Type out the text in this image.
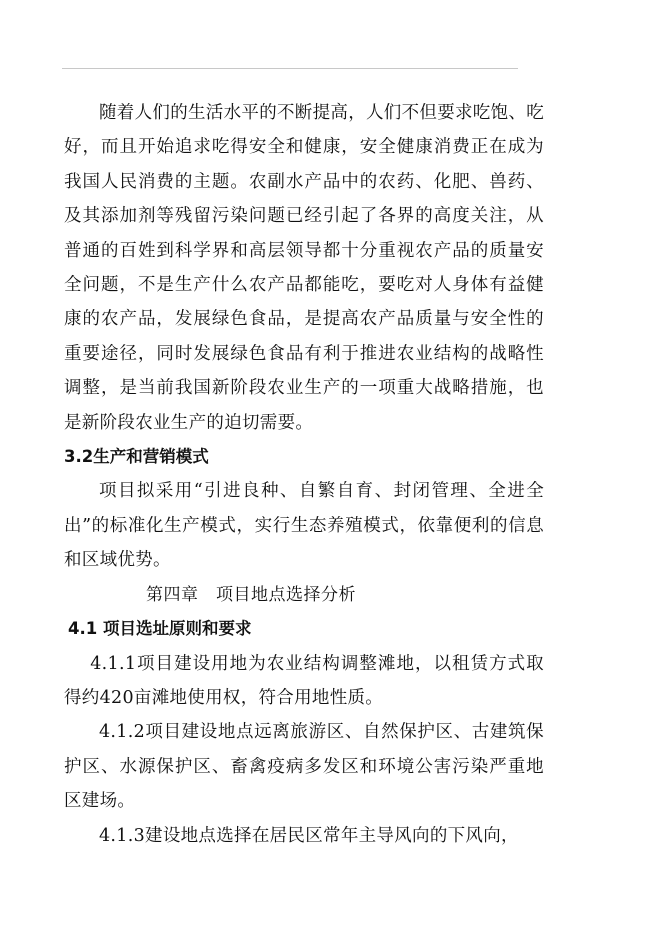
随着人们的生活水平的不断提高，人们不但要求吃饱、吃好，而且开始追求吃得安全和健康，安全健康消费正在成为我国人民消费的主题。农副水产品中的农药、化肥、兽药、及其添加剂等残留污染问题已经引起了各界的高度关注，从普通的百姓到科学界和高层领导都十分重视农产品的质量安全问题，不是生产什么农产品都能吃，要吃对人身体有益健康的农产品，发展绿色食品，是提高农产品质量与安全性的重要途径，同时发展绿色食品有利于推进农业结构的战略性调整，是当前我国新阶段农业生产的一项重大战略措施，也是新阶段农业生产的迫切需要。

3.2生产和营销模式

项目拟采用“引进良种、自繁自育、封闭管理、全进全出”的标准化生产模式，实行生态养殖模式，依靠便利的信息和区域优势。

第四章　项目地点选择分析

4.1 项目选址原则和要求

4.1.1项目建设用地为农业结构调整滩地，以租赁方式取得约420亩滩地使用权，符合用地性质。

4.1.2项目建设地点远离旅游区、自然保护区、古建筑保护区、水源保护区、畜禽疫病多发区和环境公害污染严重地区建场。

4.1.3建设地点选择在居民区常年主导风向的下风向，
